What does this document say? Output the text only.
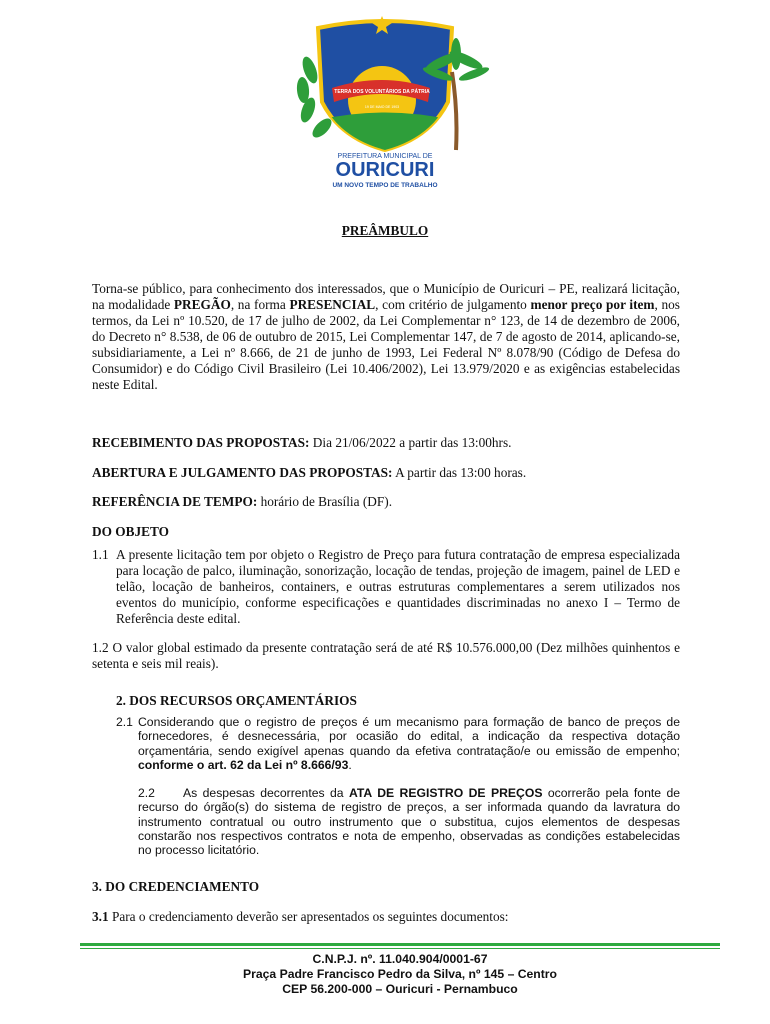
TERRA DOS VOLUNTÁRIOS DA PÁTRIA
19 DE MAIO DE 1903
PREFEITURA MUNICIPAL DE
OURICURI
UM NOVO TEMPO DE TRABALHO
PREÂMBULO
Torna-se público, para conhecimento dos interessados, que o Município de Ouricuri – PE, realizará licitação, na modalidade PREGÃO, na forma PRESENCIAL, com critério de julgamento menor preço por item, nos termos, da Lei nº 10.520, de 17 de julho de 2002, da Lei Complementar n° 123, de 14 de dezembro de 2006, do Decreto n° 8.538, de 06 de outubro de 2015, Lei Complementar 147, de 7 de agosto de 2014, aplicando-se, subsidiariamente, a Lei nº 8.666, de 21 de junho de 1993, Lei Federal Nº 8.078/90 (Código de Defesa do Consumidor) e do Código Civil Brasileiro (Lei 10.406/2002), Lei 13.979/2020 e as exigências estabelecidas neste Edital.
RECEBIMENTO DAS PROPOSTAS: Dia 21/06/2022 a partir das 13:00hrs.
ABERTURA E JULGAMENTO DAS PROPOSTAS: A partir das 13:00 horas.
REFERÊNCIA DE TEMPO: horário de Brasília (DF).
DO OBJETO
1.1 A presente licitação tem por objeto o Registro de Preço para futura contratação de empresa especializada para locação de palco, iluminação, sonorização, locação de tendas, projeção de imagem, painel de LED e telão, locação de banheiros, containers, e outras estruturas complementares a serem utilizados nos eventos do município, conforme especificações e quantidades discriminadas no anexo I – Termo de Referência deste edital.
1.2 O valor global estimado da presente contratação será de até R$ 10.576.000,00 (Dez milhões quinhentos e setenta e seis mil reais).
2. DOS RECURSOS ORÇAMENTÁRIOS
2.1 Considerando que o registro de preços é um mecanismo para formação de banco de preços de fornecedores, é desnecessária, por ocasião do edital, a indicação da respectiva dotação orçamentária, sendo exigível apenas quando da efetiva contratação/e ou emissão de empenho; conforme o art. 62 da Lei nº 8.666/93.
2.2	As despesas decorrentes da ATA DE REGISTRO DE PREÇOS ocorrerão pela fonte de recurso do órgão(s) do sistema de registro de preços, a ser informada quando da lavratura do instrumento contratual ou outro instrumento que o substitua, cujos elementos de despesas constarão nos respectivos contratos e nota de empenho, observadas as condições estabelecidas no processo licitatório.
3. DO CREDENCIAMENTO
3.1 Para o credenciamento deverão ser apresentados os seguintes documentos:
C.N.P.J. nº. 11.040.904/0001-67
Praça Padre Francisco Pedro da Silva, nº 145 – Centro
CEP 56.200-000 – Ouricuri - Pernambuco
